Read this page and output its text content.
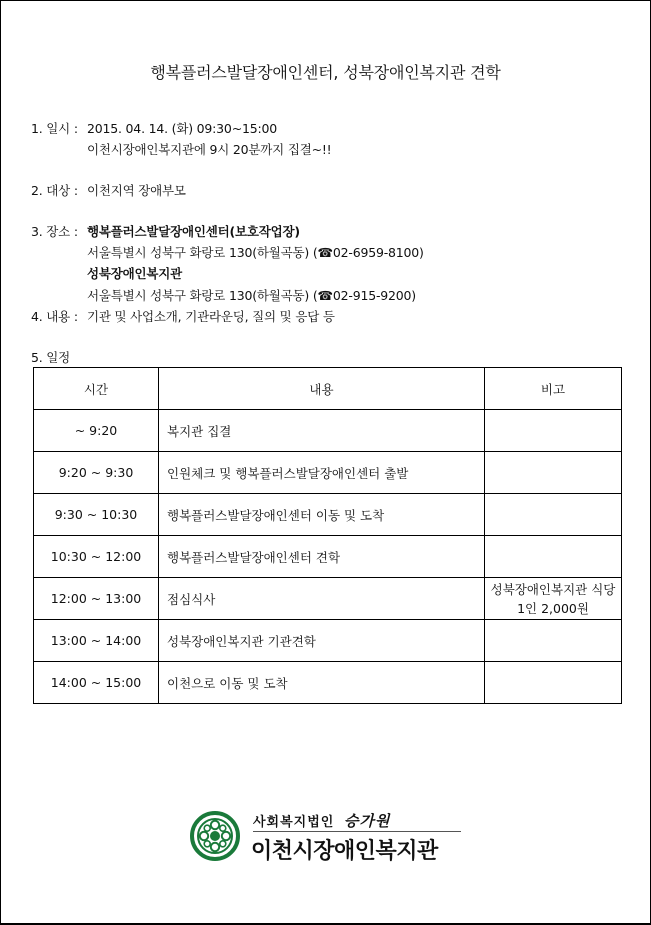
행복플러스발달장애인센터, 성북장애인복지관 견학
1. 일시 : 2015. 04. 14. (화) 09:30~15:00
이천시장애인복지관에 9시 20분까지 집결~!!
2. 대상 : 이천지역 장애부모
3. 장소 : 행복플러스발달장애인센터(보호작업장)
서울특별시 성북구 화랑로 130(하월곡동) (☎02-6959-8100)
성북장애인복지관
서울특별시 성북구 화랑로 130(하월곡동) (☎02-915-9200)
4. 내용 : 기관 및 사업소개, 기관라운딩, 질의 및 응답 등
5. 일정
시간	내용	비고
~ 9:20	복지관 집결	
9:20 ~ 9:30	인원체크 및 행복플러스발달장애인센터 출발	
9:30 ~ 10:30	행복플러스발달장애인센터 이동 및 도착	
10:30 ~ 12:00	행복플러스발달장애인센터 견학	
12:00 ~ 13:00	점심식사	성북장애인복지관 식당
1인 2,000원

13:00 ~ 14:00	성북장애인복지관 기관견학	
14:00 ~ 15:00	이천으로 이동 및 도착	
사회복지법인 승가원
이천시장애인복지관
